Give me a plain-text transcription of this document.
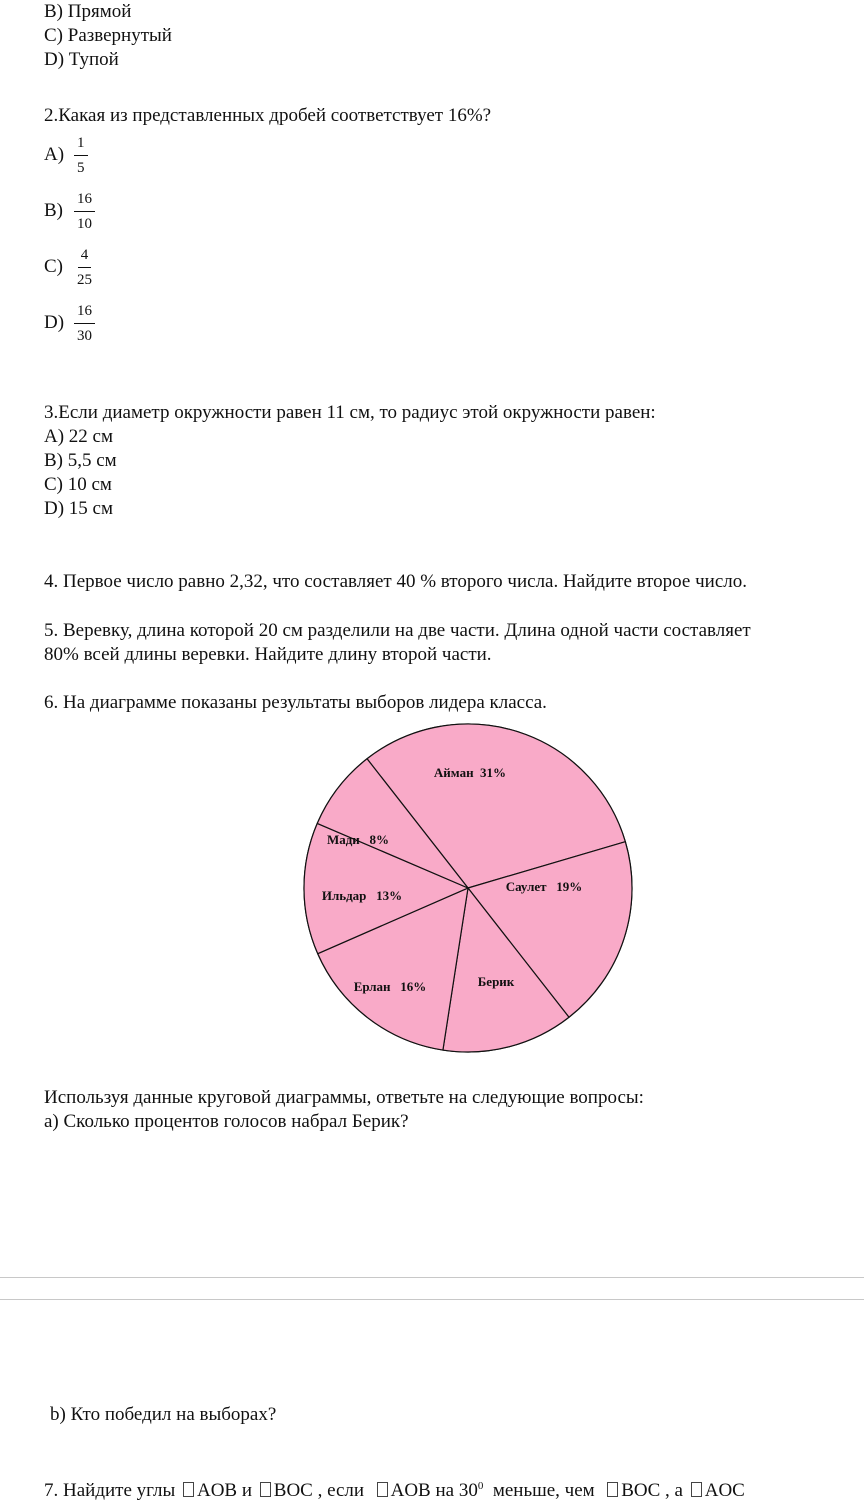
B) Прямой
C) Развернутый
D) Тупой
2.Какая из представленных дробей соответствует 16%?
$A) \frac{1}{5}$
$B) \frac{16}{10}$
$C) \frac{4}{25}$
$D) \frac{16}{30}$
3.Если диаметр окружности равен 11 см, то радиус этой окружности равен:
A) 22 см
B) 5,5 см
C) 10 см
D) 15 см
4. Первое число равно 2,32, что составляет 40 % второго числа. Найдите второе число.
5. Веревку, длина которой 20 см разделили на две части. Длина одной части составляет
80% всей длины веревки. Найдите длину второй части.
6. На диаграмме показаны результаты выборов лидера класса.
Айман  31%
Саулет   19%
Берик
Ерлан   16%
Ильдар   13%
Мади   8%
Используя данные круговой диаграммы, ответьте на следующие вопросы:
a) Сколько процентов голосов набрал Берик?
b) Кто победил на выборах?
7. Найдите углы AOB и BOC , если AOB на $30^0$ меньше, чем BOC , а AOC
